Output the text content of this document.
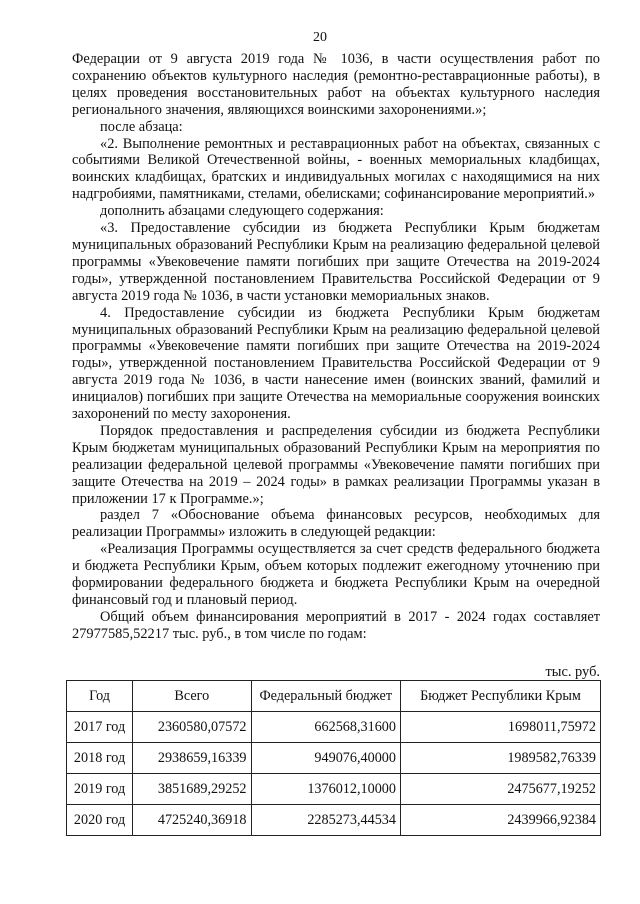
20

Федерации от 9 августа 2019 года № 1036, в части осуществления работ по сохранению объектов культурного наследия (ремонтно-реставрационные работы), в целях проведения восстановительных работ на объектах культурного наследия регионального значения, являющихся воинскими захоронениями.»;

после абзаца:

«2. Выполнение ремонтных и реставрационных работ на объектах, связанных с событиями Великой Отечественной войны, - военных мемориальных кладбищах, воинских кладбищах, братских и индивидуальных могилах с находящимися на них надгробиями, памятниками, стелами, обелисками; софинансирование мероприятий.»

дополнить абзацами следующего содержания:

«3. Предоставление субсидии из бюджета Республики Крым бюджетам муниципальных образований Республики Крым на реализацию федеральной целевой программы «Увековечение памяти погибших при защите Отечества на 2019-2024 годы», утвержденной постановлением Правительства Российской Федерации от 9 августа 2019 года № 1036, в части установки мемориальных знаков.

4. Предоставление субсидии из бюджета Республики Крым бюджетам муниципальных образований Республики Крым на реализацию федеральной целевой программы «Увековечение памяти погибших при защите Отечества на 2019-2024 годы», утвержденной постановлением Правительства Российской Федерации от 9 августа 2019 года № 1036, в части нанесение имен (воинских званий, фамилий и инициалов) погибших при защите Отечества на мемориальные сооружения воинских захоронений по месту захоронения.

Порядок предоставления и распределения субсидии из бюджета Республики Крым бюджетам муниципальных образований Республики Крым на мероприятия по реализации федеральной целевой программы «Увековечение памяти погибших при защите Отечества на 2019 – 2024 годы» в рамках реализации Программы указан в приложении 17 к Программе.»;

раздел 7 «Обоснование объема финансовых ресурсов, необходимых для реализации Программы» изложить в следующей редакции:

«Реализация Программы осуществляется за счет средств федерального бюджета и бюджета Республики Крым, объем которых подлежит ежегодному уточнению при формировании федерального бюджета и бюджета Республики Крым на очередной финансовый год и плановый период.

Общий объем финансирования мероприятий в 2017 - 2024 годах составляет 27977585,52217 тыс. руб., в том числе по годам:

тыс. руб.
Год	Всего	Федеральный бюджет	Бюджет Республики Крым
2017 год	2360580,07572	662568,31600	1698011,75972
2018 год	2938659,16339	949076,40000	1989582,76339
2019 год	3851689,29252	1376012,10000	2475677,19252
2020 год	4725240,36918	2285273,44534	2439966,92384
